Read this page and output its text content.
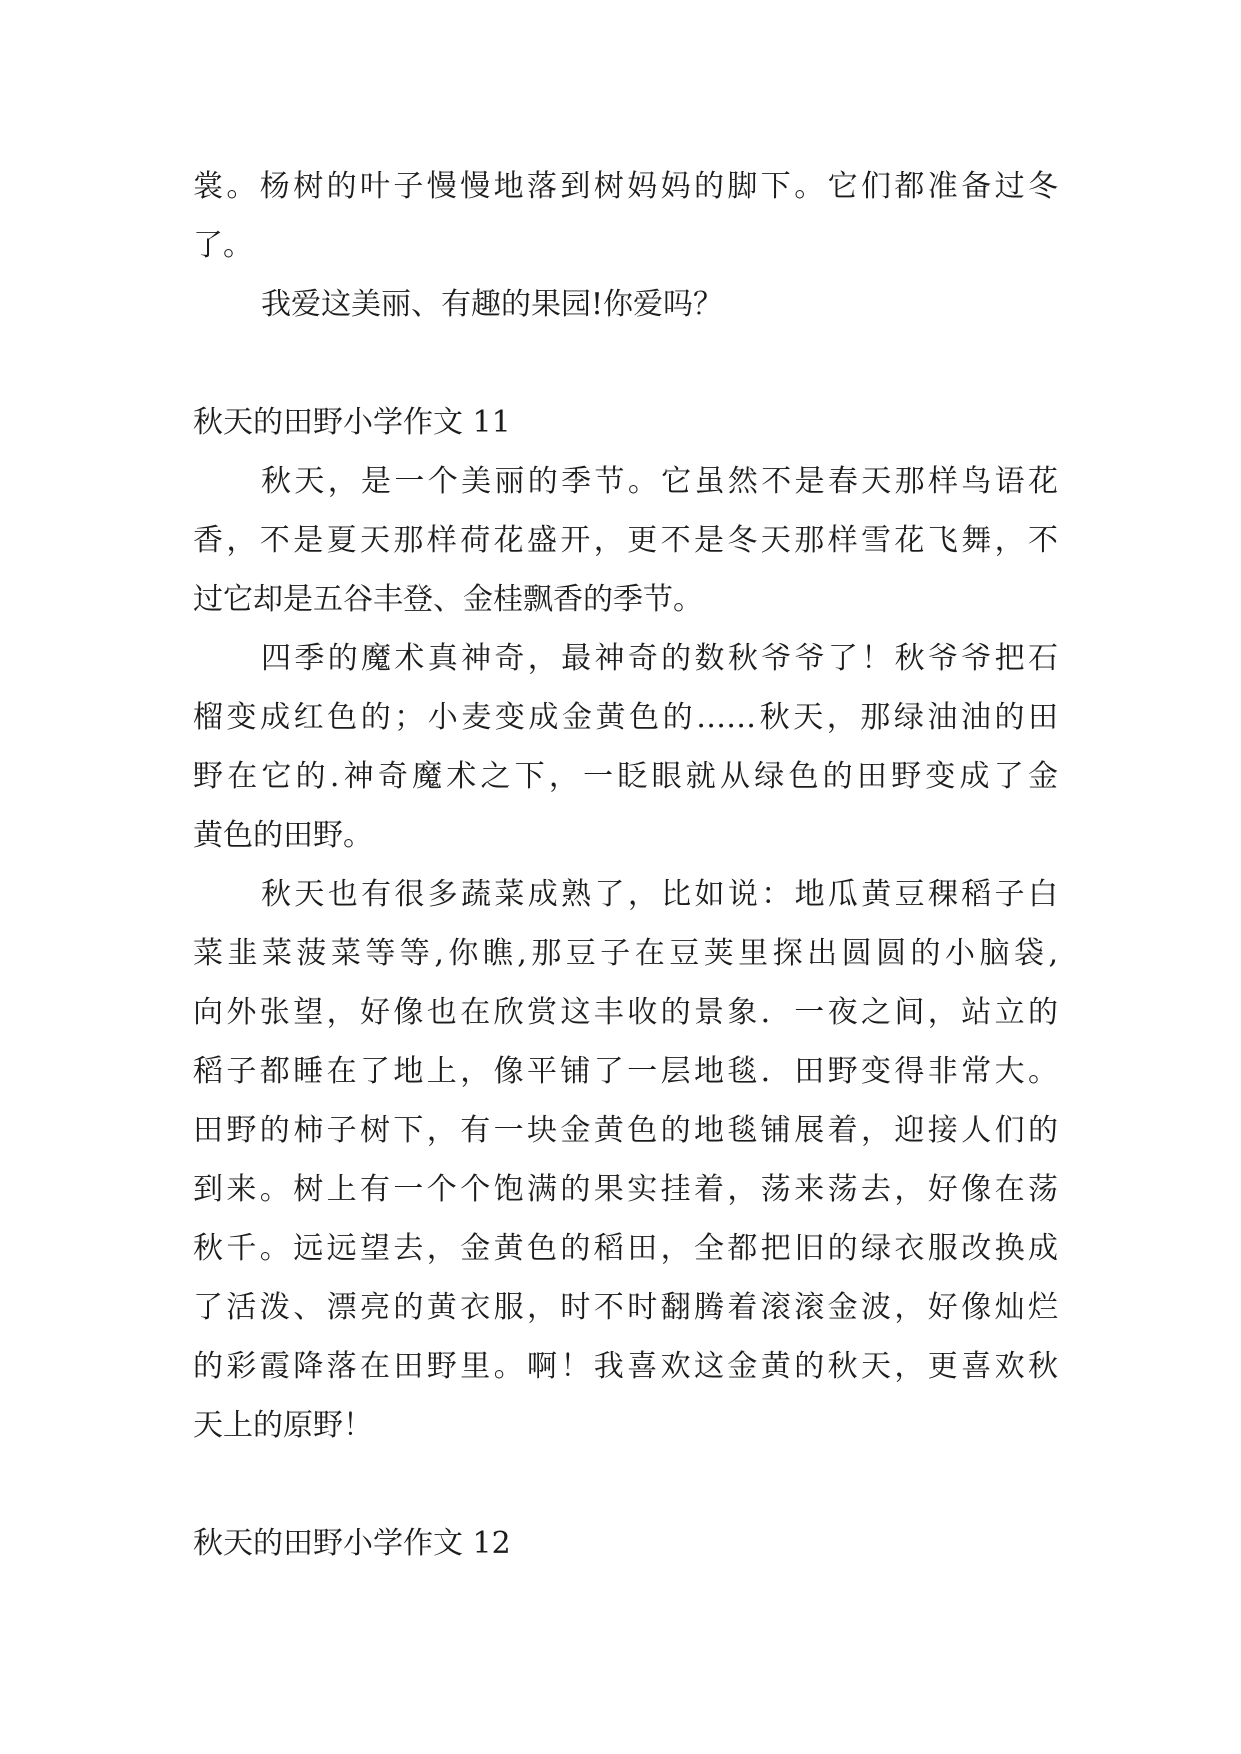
裳。杨树的叶子慢慢地落到树妈妈的脚下。它们都准备过冬
了。
我爱这美丽、有趣的果园!你爱吗？
秋天的田野小学作文 11
秋天，是一个美丽的季节。它虽然不是春天那样鸟语花
香，不是夏天那样荷花盛开，更不是冬天那样雪花飞舞，不
过它却是五谷丰登、金桂飘香的季节。
四季的魔术真神奇，最神奇的数秋爷爷了！秋爷爷把石
榴变成红色的；小麦变成金黄色的……秋天，那绿油油的田
野在它的.神奇魔术之下，一眨眼就从绿色的田野变成了金
黄色的田野。
秋天也有很多蔬菜成熟了，比如说：地瓜黄豆稞稻子白
菜韭菜菠菜等等,你瞧,那豆子在豆荚里探出圆圆的小脑袋,
向外张望，好像也在欣赏这丰收的景象．一夜之间，站立的
稻子都睡在了地上，像平铺了一层地毯．田野变得非常大。
田野的柿子树下，有一块金黄色的地毯铺展着，迎接人们的
到来。树上有一个个饱满的果实挂着，荡来荡去，好像在荡
秋千。远远望去，金黄色的稻田，全都把旧的绿衣服改换成
了活泼、漂亮的黄衣服，时不时翻腾着滚滚金波，好像灿烂
的彩霞降落在田野里。啊！我喜欢这金黄的秋天，更喜欢秋
天上的原野！
秋天的田野小学作文 12
